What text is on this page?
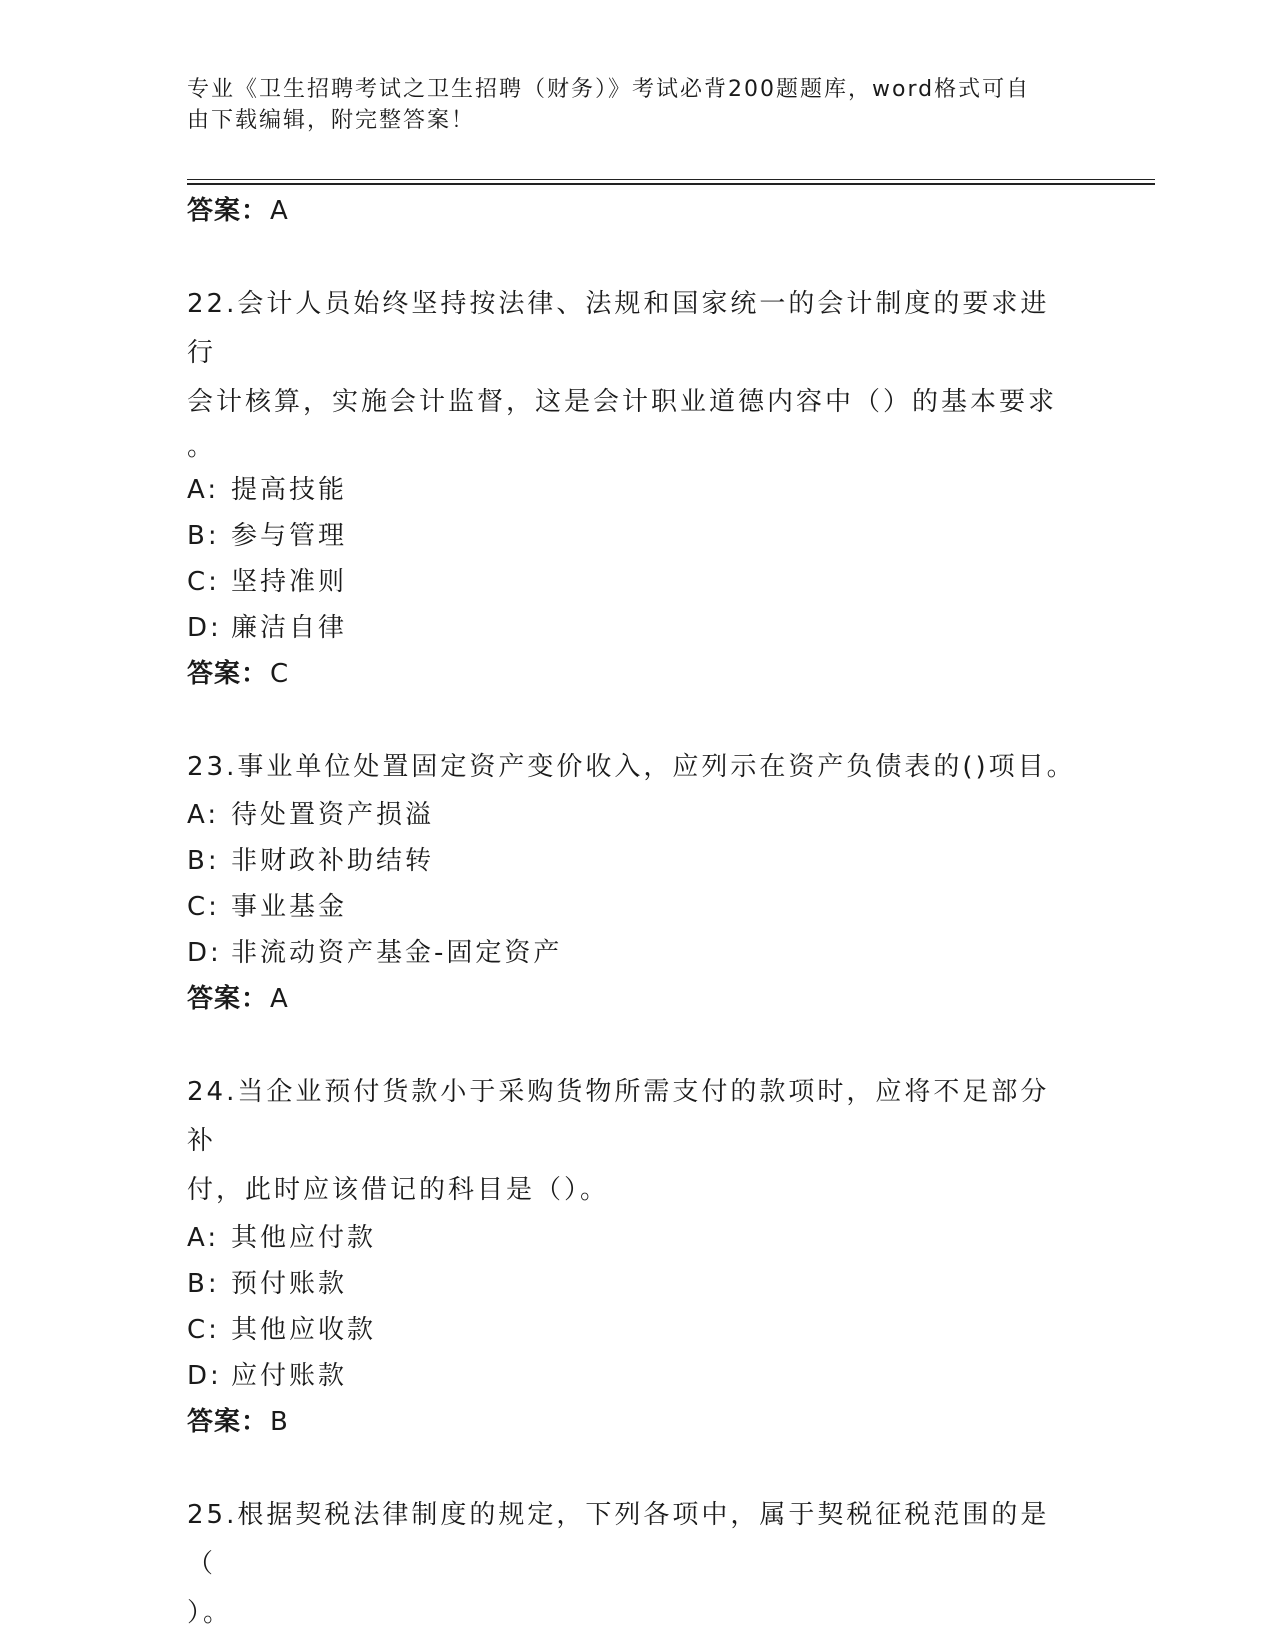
专业《卫生招聘考试之卫生招聘（财务）》考试必背200题题库，word格式可自
由下载编辑，附完整答案！
答案：A
22.会计人员始终坚持按法律、法规和国家统一的会计制度的要求进行
会计核算，实施会计监督，这是会计职业道德内容中（）的基本要求
。
A: 提高技能
B: 参与管理
C: 坚持准则
D: 廉洁自律
答案：C
23.事业单位处置固定资产变价收入，应列示在资产负债表的()项目。
A: 待处置资产损溢
B: 非财政补助结转
C: 事业基金
D: 非流动资产基金-固定资产
答案：A
24.当企业预付货款小于采购货物所需支付的款项时，应将不足部分补
付，此时应该借记的科目是（）。
A: 其他应付款
B: 预付账款
C: 其他应收款
D: 应付账款
答案：B
25.根据契税法律制度的规定，下列各项中，属于契税征税范围的是（
）。
